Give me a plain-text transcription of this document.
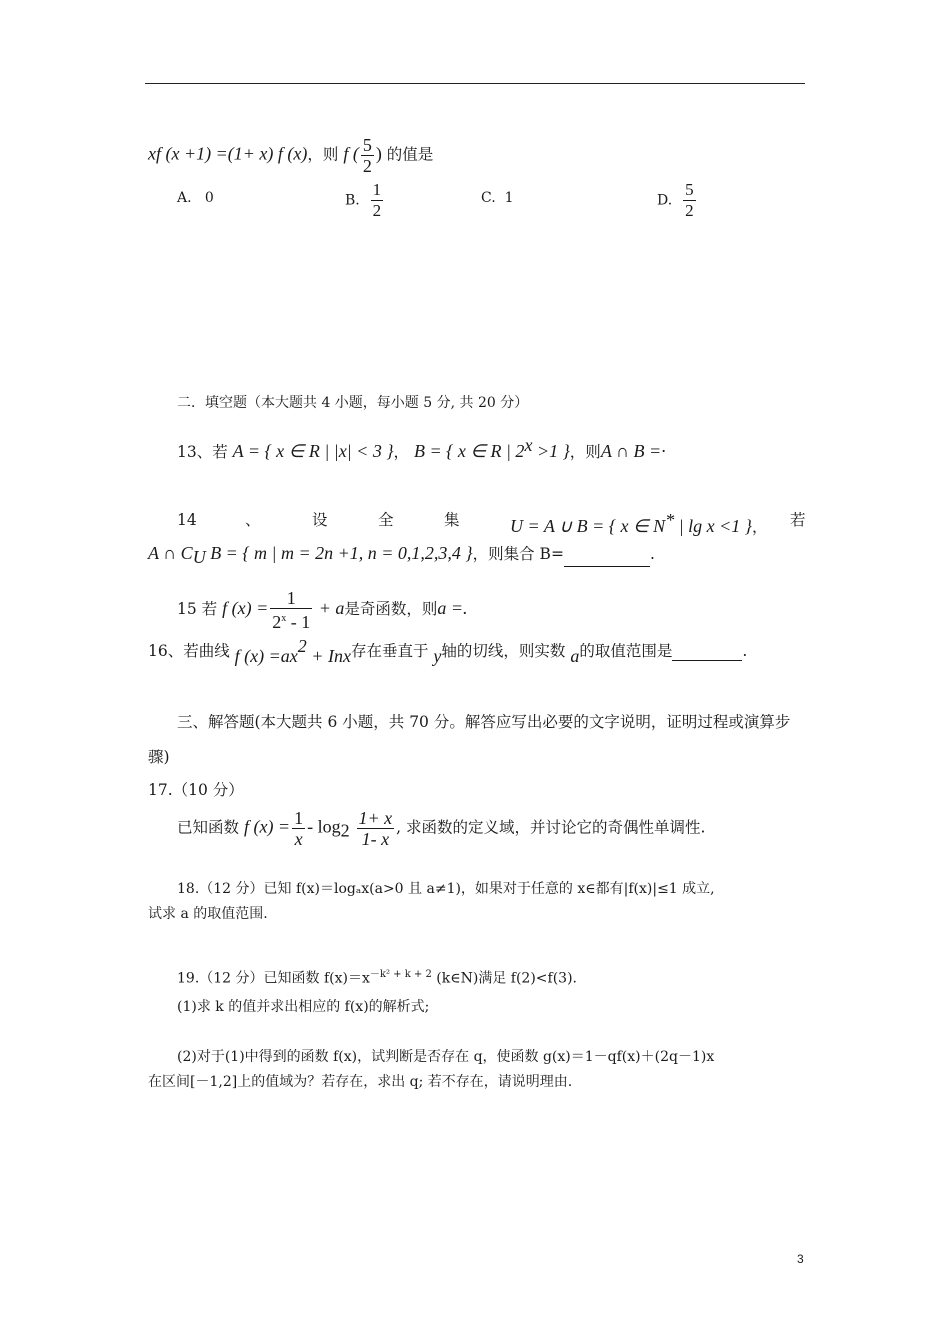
xf (x +1) =(1+ x) f (x)，则 f ( $\frac{5}{2}$ ) 的值是
A. 0	B. $\frac{1}{2}$	C. 1	D. $\frac{5}{2}$
二．填空题（本大题共 4 小题，每小题 5 分, 共 20 分）
13、若 A = { x ∈ R | |x| < 3 }， B = { x ∈ R | $2^x >1$ }，则A ∩ B =·
14	、	设	全	集	U = A ∪ B = { x ∈ N* | lg x <1 }， 若
A ∩ $C_U$ B = { m | m = 2n +1, n = 0,1,2,3,4 }，则集合 B=	.
15 若 f $(x) = \frac{1}{2^x - 1} + a$是奇函数，则a =.
16、若曲线 f $(x) =ax^2$ + Inx存在垂直于 y轴的切线，则实数 a的取值范围是	.
三、解答题(本大题共 6 小题，共 70 分。解答应写出必要的文字说明，证明过程或演算步
骤)
17.（10 分）
已知函数 f $(x) = \frac{1}{x} - \log_2 \frac{1+ x}{1- x}$ , 求函数的定义域，并讨论它的奇偶性单调性.
18.（12 分）已知 f(x)＝logₐx(a>0 且 a≠1)，如果对于任意的 x∈都有|f(x)|≤1 成立,
试求 a 的取值范围.
19.（12 分）已知函数 $f(x)=x^{-k^2 + k + 2}$ (k∈N)满足 f(2)<f(3).
(1)求 k 的值并求出相应的 f(x)的解析式;
(2)对于(1)中得到的函数 f(x)，试判断是否存在 q，使函数 g(x)＝1－qf(x)＋(2q－1)x
在区间[－1,2]上的值域为？若存在，求出 q; 若不存在，请说明理由.
3
